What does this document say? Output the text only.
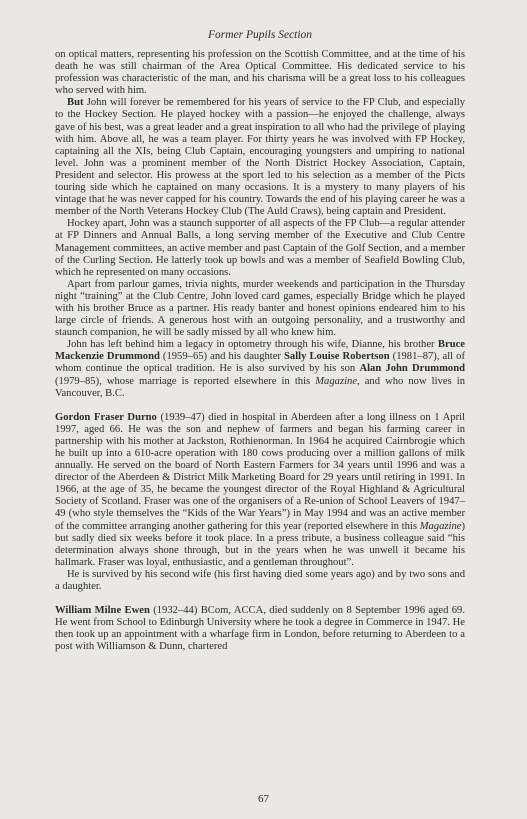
Former Pupils Section

on optical matters, representing his profession on the Scottish Committee, and at the time of his death he was still chairman of the Area Optical Committee. His dedicated service to his profession was characteristic of the man, and his charisma will be a great loss to his colleagues who served with him.

But John will forever be remembered for his years of service to the FP Club, and especially to the Hockey Section. He played hockey with a passion—he enjoyed the challenge, always gave of his best, was a great leader and a great inspiration to all who had the privilege of playing with him. Above all, he was a team player. For thirty years he was involved with FP Hockey, captaining all the XIs, being Club Captain, encouraging youngsters and umpiring to national level. John was a prominent member of the North District Hockey Association, Captain, President and selector. His prowess at the sport led to his selection as a member of the Picts touring side which he captained on many occasions. It is a mystery to many players of his vintage that he was never capped for his country. Towards the end of his playing career he was a member of the North Veterans Hockey Club (The Auld Craws), being captain and President.

Hockey apart, John was a staunch supporter of all aspects of the FP Club—a regular attender at FP Dinners and Annual Balls, a long serving member of the Executive and Club Centre Management committees, an active member and past Captain of the Golf Section, and a member of the Curling Section. He latterly took up bowls and was a member of Seafield Bowling Club, which he represented on many occasions.

Apart from parlour games, trivia nights, murder weekends and participation in the Thursday night “training” at the Club Centre, John loved card games, especially Bridge which he played with his brother Bruce as a partner. His ready banter and honest opinions endeared him to his large circle of friends. A generous host with an outgoing personality, and a trustworthy and staunch companion, he will be sadly missed by all who knew him.

John has left behind him a legacy in optometry through his wife, Dianne, his brother Bruce Mackenzie Drummond (1959–65) and his daughter Sally Louise Robertson (1981–87), all of whom continue the optical tradition. He is also survived by his son Alan John Drummond (1979–85), whose marriage is reported elsewhere in this Magazine, and who now lives in Vancouver, B.C.

Gordon Fraser Durno (1939–47) died in hospital in Aberdeen after a long illness on 1 April 1997, aged 66. He was the son and nephew of farmers and began his farming career in partnership with his mother at Jackston, Rothienorman. In 1964 he acquired Cairnbrogie which he built up into a 610-acre operation with 180 cows producing over a million gallons of milk annually. He served on the board of North Eastern Farmers for 34 years until 1996 and was a director of the Aberdeen & District Milk Marketing Board for 29 years until retiring in 1991. In 1966, at the age of 35, he became the youngest director of the Royal Highland & Agricultural Society of Scotland. Fraser was one of the organisers of a Re-union of School Leavers of 1947–49 (who style themselves the “Kids of the War Years”) in May 1994 and was an active member of the committee arranging another gathering for this year (reported elsewhere in this Magazine) but sadly died six weeks before it took place. In a press tribute, a business colleague said “his determination always shone through, but in the years when he was unwell it became his hallmark. Fraser was loyal, enthusiastic, and a gentleman throughout”.

He is survived by his second wife (his first having died some years ago) and by two sons and a daughter.

William Milne Ewen (1932–44) BCom, ACCA, died suddenly on 8 September 1996 aged 69. He went from School to Edinburgh University where he took a degree in Commerce in 1947. He then took up an appointment with a wharfage firm in London, before returning to Aberdeen to a post with Williamson & Dunn, chartered

67
